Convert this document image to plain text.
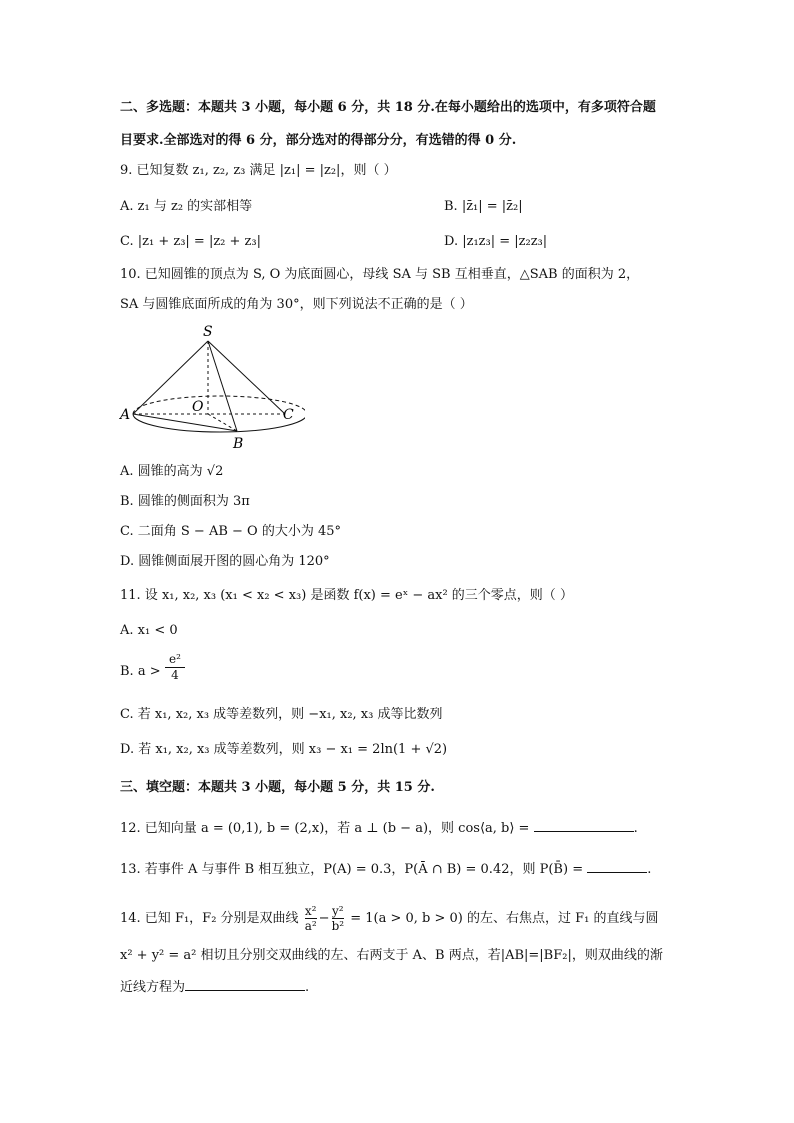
二、多选题：本题共 3 小题，每小题 6 分，共 18 分.在每小题给出的选项中，有多项符合题
目要求.全部选对的得 6 分，部分选对的得部分分，有选错的得 0 分.
9. 已知复数 z₁, z₂, z₃ 满足 |z₁| = |z₂|，则（ ）
A. z₁ 与 z₂ 的实部相等	B. |z̄₁| = |z̄₂|
C. |z₁ + z₃| = |z₂ + z₃|	D. |z₁z₃| = |z₂z₃|
10. 已知圆锥的顶点为 S, O 为底面圆心，母线 SA 与 SB 互相垂直，△SAB 的面积为 2，
SA 与圆锥底面所成的角为 30°，则下列说法不正确的是（ ）
S
O
A
B
C
A. 圆锥的高为 √2
B. 圆锥的侧面积为 3π
C. 二面角 S − AB − O 的大小为 45°
D. 圆锥侧面展开图的圆心角为 120°
11. 设 x₁, x₂, x₃ (x₁ < x₂ < x₃) 是函数 f(x) = eˣ − ax² 的三个零点，则（ ）
A. x₁ < 0
B. $a > \frac{\text{e²}}{4}$
C. 若 x₁, x₂, x₃ 成等差数列，则 −x₁, x₂, x₃ 成等比数列
D. 若 x₁, x₂, x₃ 成等差数列，则 x₃ − x₁ = 2ln(1 + √2)
三、填空题：本题共 3 小题，每小题 5 分，共 15 分.
12. 已知向量 a = (0,1), b = (2,x)，若 a ⊥ (b − a)，则 cos⟨a, b⟩ =	.
13. 若事件 A 与事件 B 相互独立，P(A) = 0.3，P(Ā ∩ B) = 0.42，则 P(B̄) =	.
14. 已知 F₁，F₂ 分别是双曲线 $\frac{\text{x²}}{\text{a²}} - \frac{\text{y²}}{\text{b²}} = 1(a > 0$, b > 0) 的左、右焦点，过 F₁ 的直线与圆
x² + y² = a² 相切且分别交双曲线的左、右两支于 A、B 两点，若|AB|=|BF₂|，则双曲线的渐
近线方程为	.
